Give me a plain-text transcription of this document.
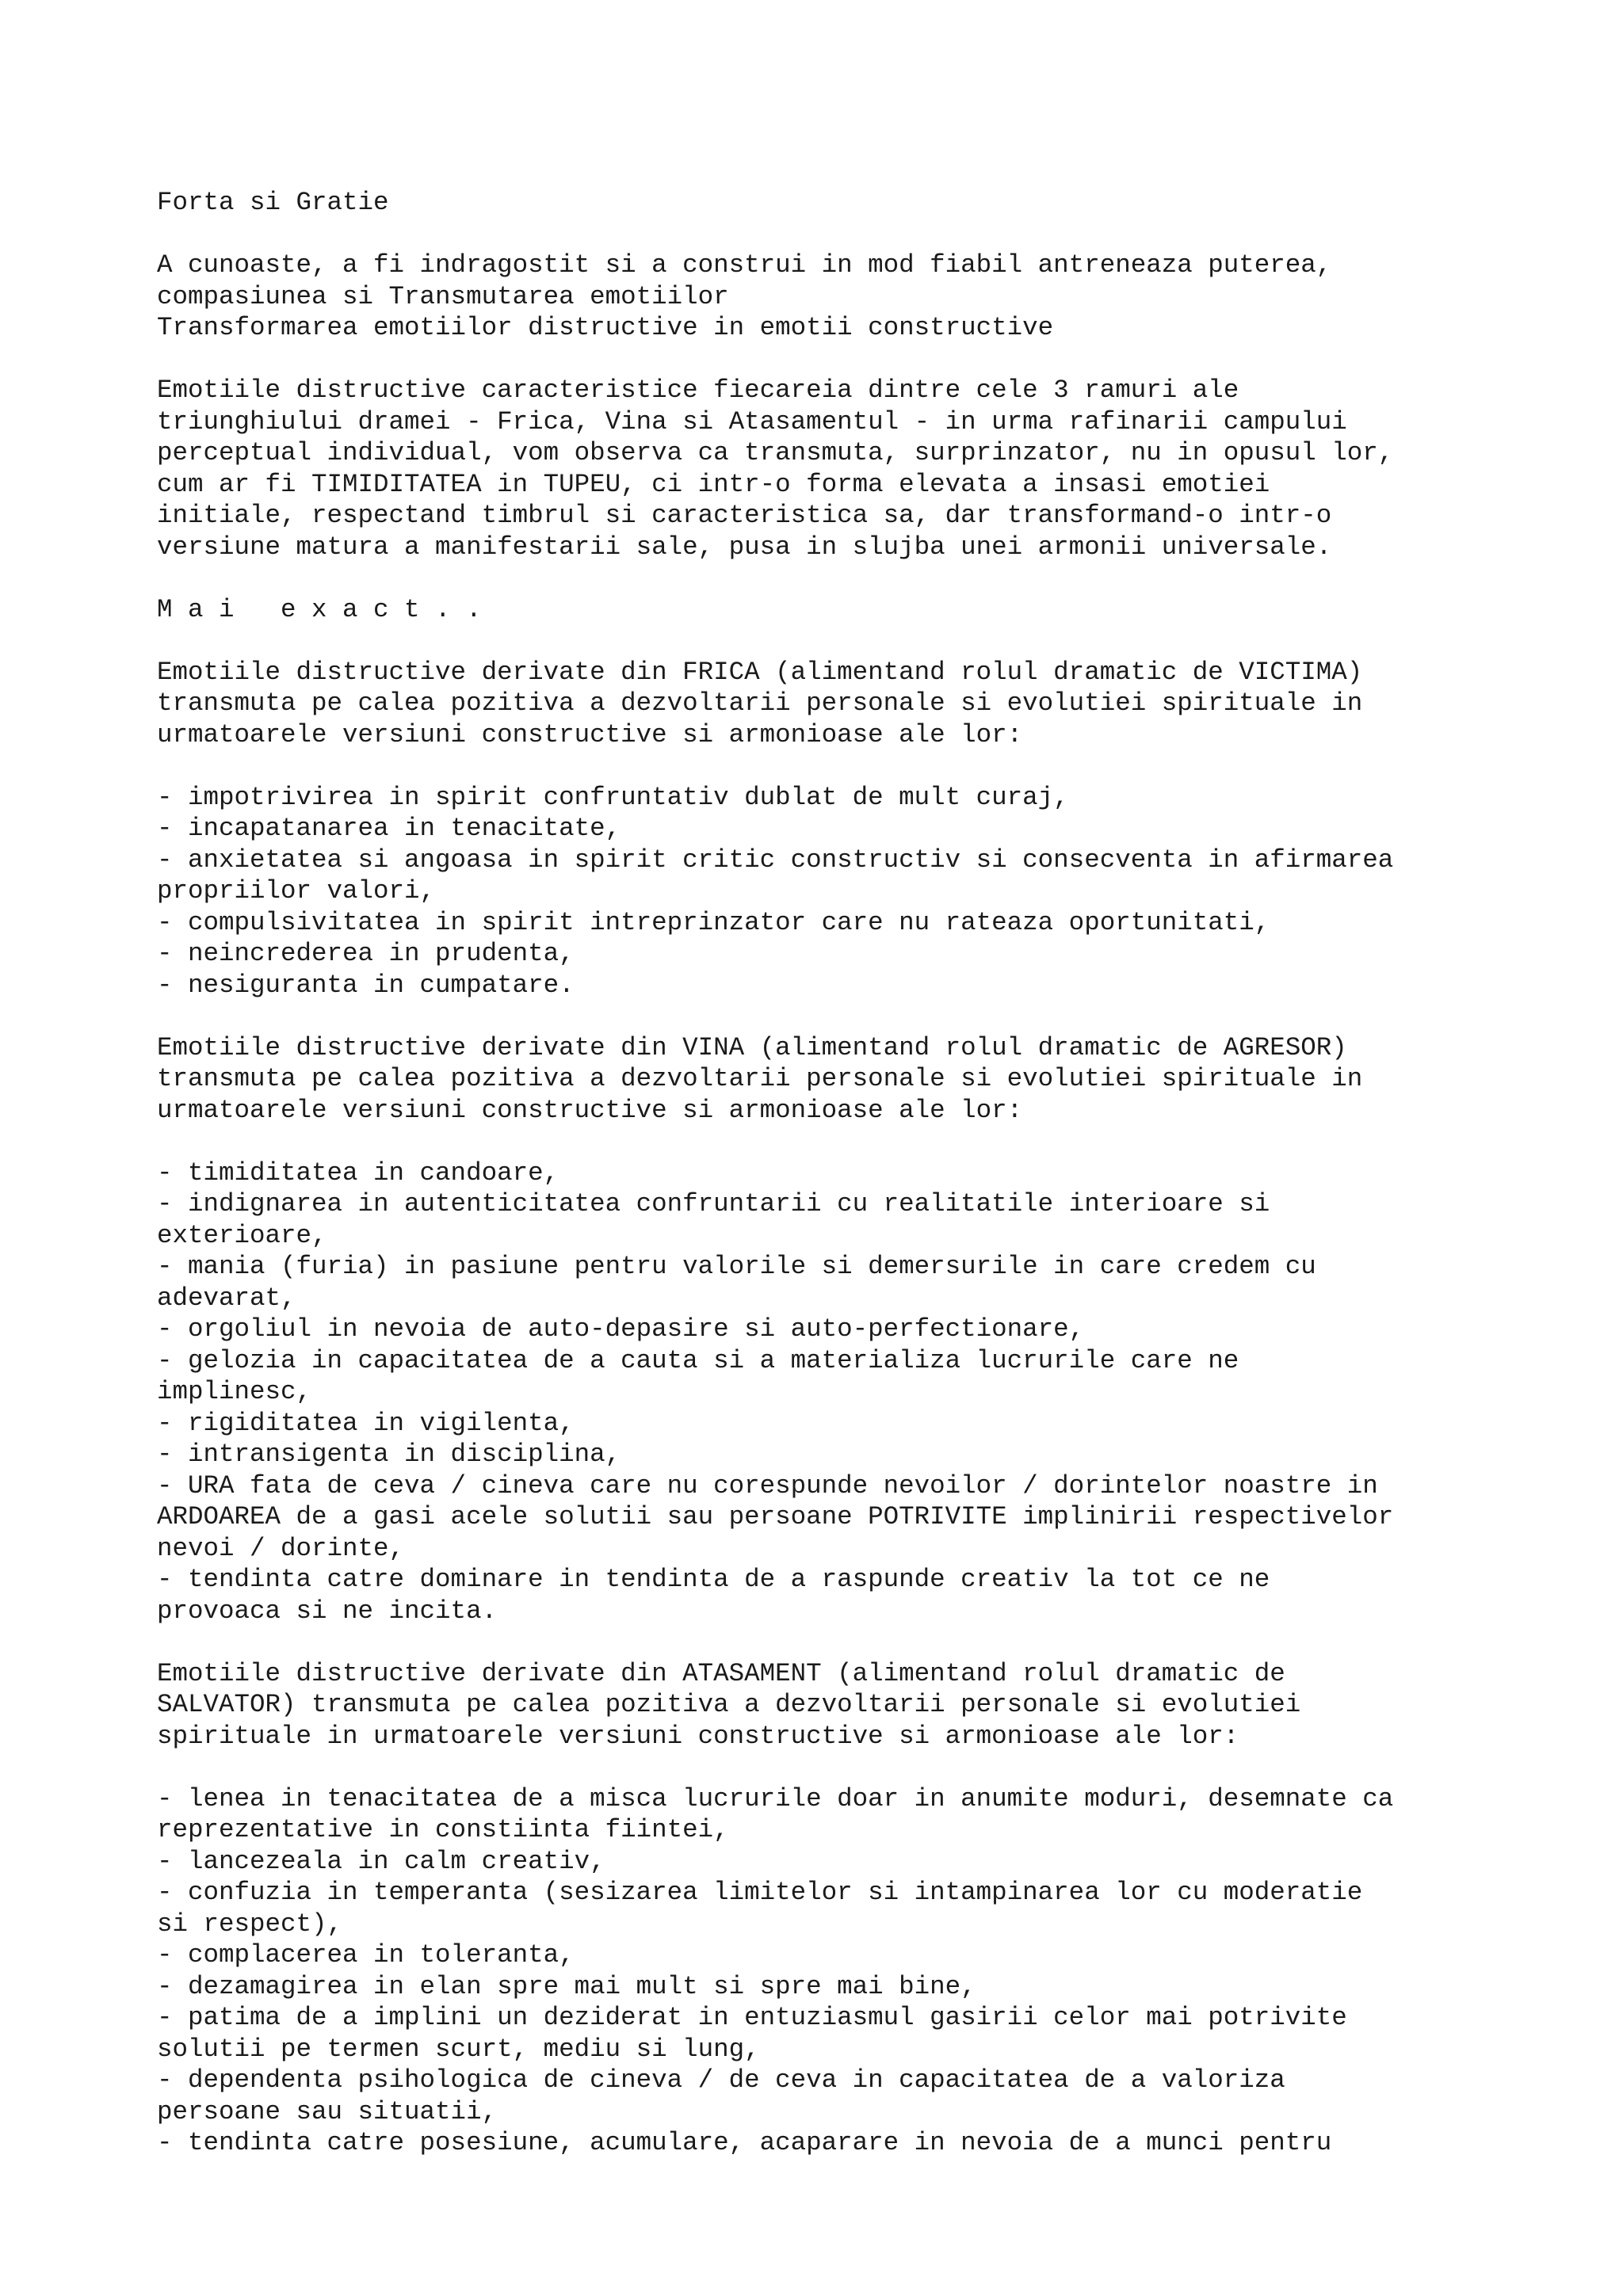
Forta si Gratie
A cunoaste, a fi indragostit si a construi in mod fiabil antreneaza puterea,
compasiunea si Transmutarea emotiilor
Transformarea emotiilor distructive in emotii constructive
Emotiile distructive caracteristice fiecareia dintre cele 3 ramuri ale
triunghiului dramei - Frica, Vina si Atasamentul - in urma rafinarii campului
perceptual individual, vom observa ca transmuta, surprinzator, nu in opusul lor,
cum ar fi TIMIDITATEA in TUPEU, ci intr-o forma elevata a insasi emotiei
initiale, respectand timbrul si caracteristica sa, dar transformand-o intr-o
versiune matura a manifestarii sale, pusa in slujba unei armonii universale.
M a i   e x a c t . .
Emotiile distructive derivate din FRICA (alimentand rolul dramatic de VICTIMA)
transmuta pe calea pozitiva a dezvoltarii personale si evolutiei spirituale in
urmatoarele versiuni constructive si armonioase ale lor:
- impotrivirea in spirit confruntativ dublat de mult curaj,
- incapatanarea in tenacitate,
- anxietatea si angoasa in spirit critic constructiv si consecventa in afirmarea
propriilor valori,
- compulsivitatea in spirit intreprinzator care nu rateaza oportunitati,
- neincrederea in prudenta,
- nesiguranta in cumpatare.
Emotiile distructive derivate din VINA (alimentand rolul dramatic de AGRESOR)
transmuta pe calea pozitiva a dezvoltarii personale si evolutiei spirituale in
urmatoarele versiuni constructive si armonioase ale lor:
- timiditatea in candoare,
- indignarea in autenticitatea confruntarii cu realitatile interioare si
exterioare,
- mania (furia) in pasiune pentru valorile si demersurile in care credem cu
adevarat,
- orgoliul in nevoia de auto-depasire si auto-perfectionare,
- gelozia in capacitatea de a cauta si a materializa lucrurile care ne
implinesc,
- rigiditatea in vigilenta,
- intransigenta in disciplina,
- URA fata de ceva / cineva care nu corespunde nevoilor / dorintelor noastre in
ARDOAREA de a gasi acele solutii sau persoane POTRIVITE implinirii respectivelor
nevoi / dorinte,
- tendinta catre dominare in tendinta de a raspunde creativ la tot ce ne
provoaca si ne incita.
Emotiile distructive derivate din ATASAMENT (alimentand rolul dramatic de
SALVATOR) transmuta pe calea pozitiva a dezvoltarii personale si evolutiei
spirituale in urmatoarele versiuni constructive si armonioase ale lor:
- lenea in tenacitatea de a misca lucrurile doar in anumite moduri, desemnate ca
reprezentative in constiinta fiintei,
- lancezeala in calm creativ,
- confuzia in temperanta (sesizarea limitelor si intampinarea lor cu moderatie
si respect),
- complacerea in toleranta,
- dezamagirea in elan spre mai mult si spre mai bine,
- patima de a implini un deziderat in entuziasmul gasirii celor mai potrivite
solutii pe termen scurt, mediu si lung,
- dependenta psihologica de cineva / de ceva in capacitatea de a valoriza
persoane sau situatii,
- tendinta catre posesiune, acumulare, acaparare in nevoia de a munci pentru
